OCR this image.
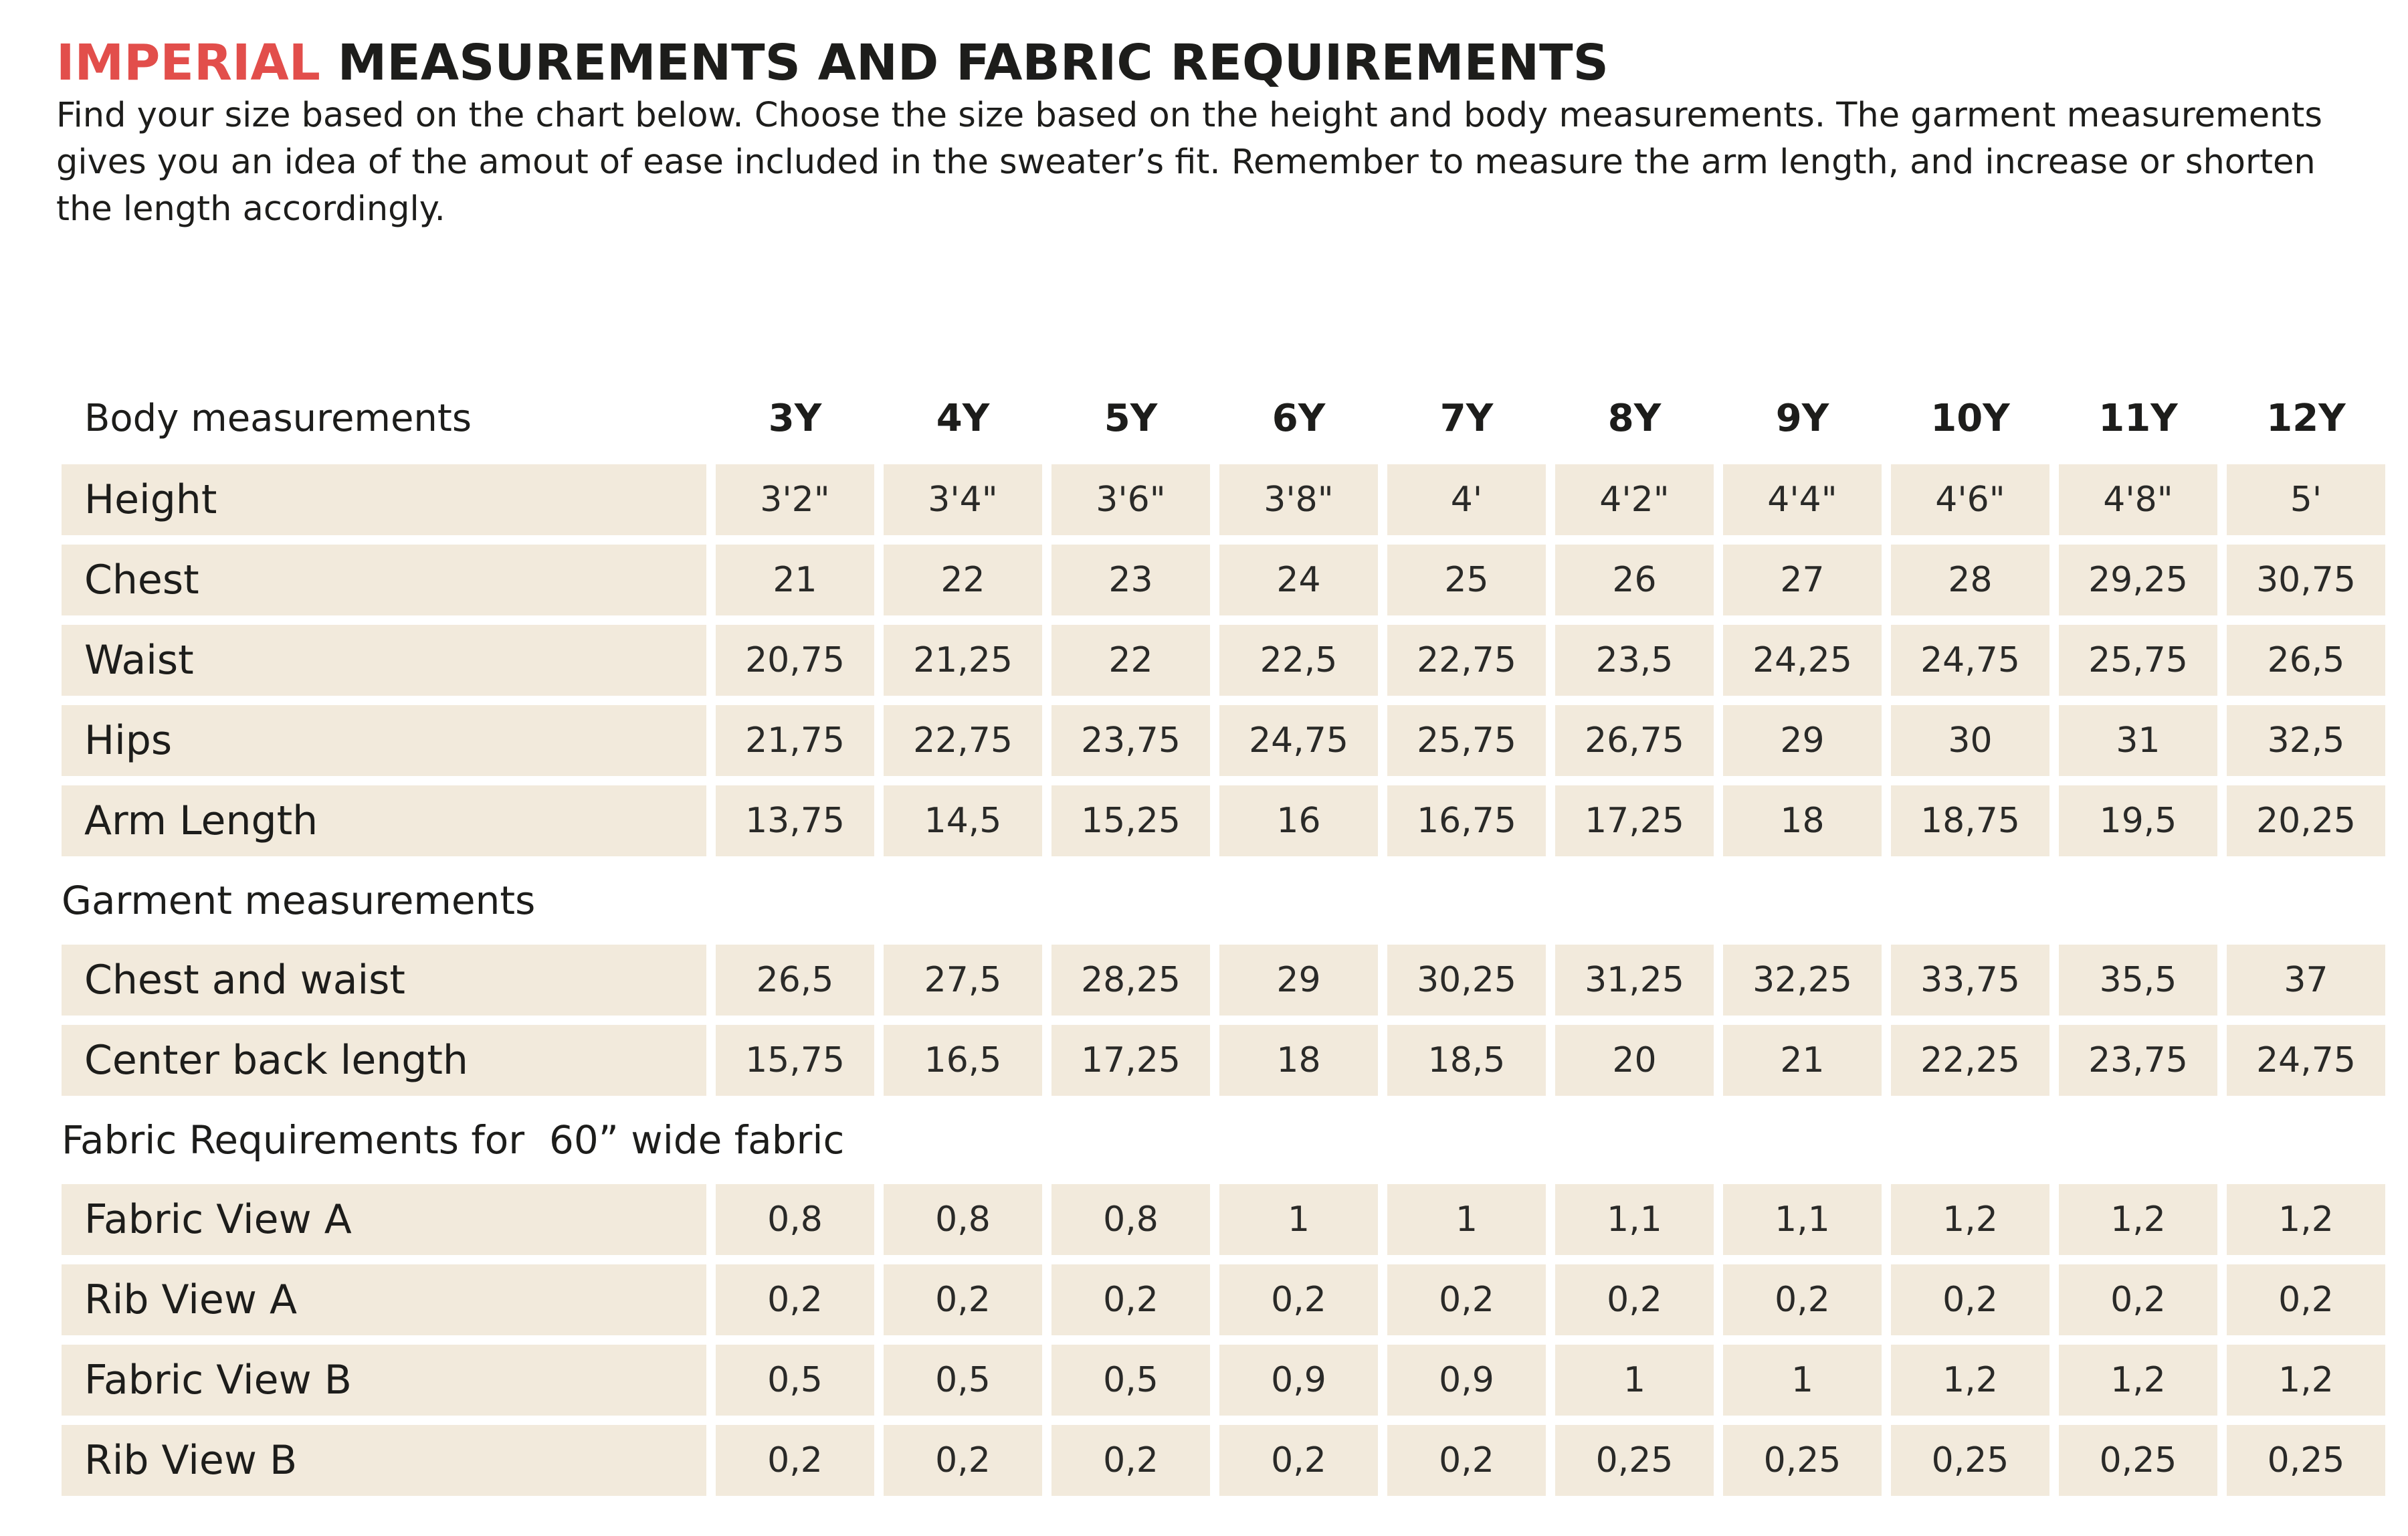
IMPERIAL MEASUREMENTS AND FABRIC REQUIREMENTS

Find your size based on the chart below. Choose the size based on the height and body measurements. The garment measurements gives you an idea of the amout of ease included in the sweater’s fit. Remember to measure the arm length, and increase or shorten the length accordingly.

Body measurements	3Y	4Y	5Y	6Y	7Y	8Y	9Y	10Y	11Y	12Y
Height	3'2"	3'4"	3'6"	3'8"	4'	4'2"	4'4"	4'6"	4'8"	5'
Chest	21	22	23	24	25	26	27	28	29,25	30,75
Waist	20,75	21,25	22	22,5	22,75	23,5	24,25	24,75	25,75	26,5
Hips	21,75	22,75	23,75	24,75	25,75	26,75	29	30	31	32,5
Arm Length	13,75	14,5	15,25	16	16,75	17,25	18	18,75	19,5	20,25
Garment measurements										
Chest and waist	26,5	27,5	28,25	29	30,25	31,25	32,25	33,75	35,5	37
Center back length	15,75	16,5	17,25	18	18,5	20	21	22,25	23,75	24,75
Fabric Requirements for  60” wide fabric										
Fabric View A	0,8	0,8	0,8	1	1	1,1	1,1	1,2	1,2	1,2
Rib View A	0,2	0,2	0,2	0,2	0,2	0,2	0,2	0,2	0,2	0,2
Fabric View B	0,5	0,5	0,5	0,9	0,9	1	1	1,2	1,2	1,2
Rib View B	0,2	0,2	0,2	0,2	0,2	0,25	0,25	0,25	0,25	0,25
